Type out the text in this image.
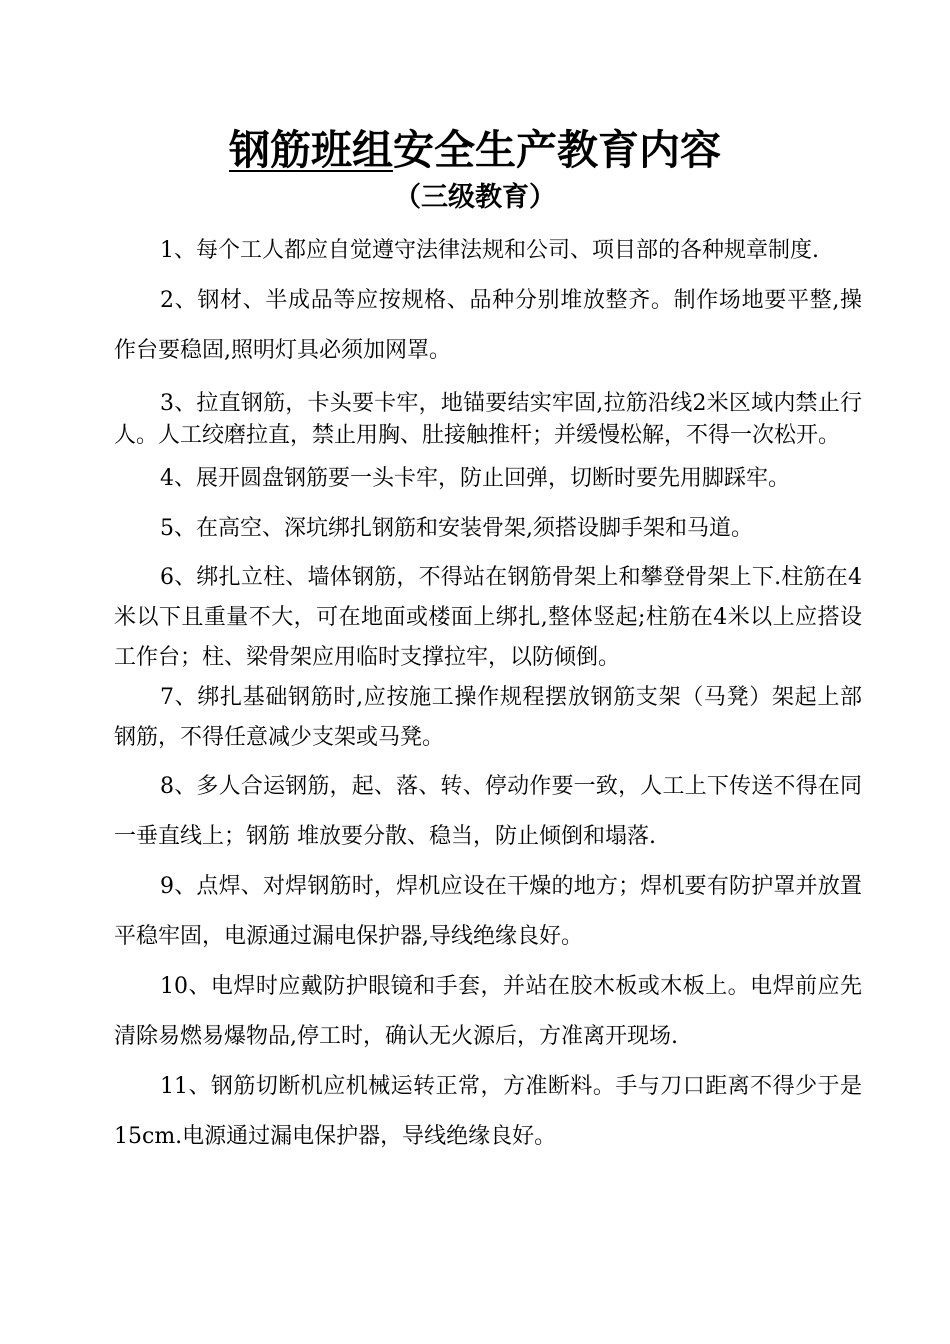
钢筋班组安全生产教育内容
（三级教育）

1、每个工人都应自觉遵守法律法规和公司、项目部的各种规章制度.

2、钢材、半成品等应按规格、品种分别堆放整齐。制作场地要平整,操作台要稳固,照明灯具必须加网罩。

3、拉直钢筋，卡头要卡牢，地锚要结实牢固,拉筋沿线2米区域内禁止行人。人工绞磨拉直，禁止用胸、肚接触推杆；并缓慢松解，不得一次松开。

4、展开圆盘钢筋要一头卡牢，防止回弹，切断时要先用脚踩牢。

5、在高空、深坑绑扎钢筋和安装骨架,须搭设脚手架和马道。

6、绑扎立柱、墙体钢筋，不得站在钢筋骨架上和攀登骨架上下.柱筋在4米以下且重量不大，可在地面或楼面上绑扎,整体竖起;柱筋在4米以上应搭设工作台；柱、梁骨架应用临时支撑拉牢，以防倾倒。

7、绑扎基础钢筋时,应按施工操作规程摆放钢筋支架（马凳）架起上部钢筋，不得任意减少支架或马凳。

8、多人合运钢筋，起、落、转、停动作要一致，人工上下传送不得在同一垂直线上；钢筋 堆放要分散、稳当，防止倾倒和塌落.

9、点焊、对焊钢筋时，焊机应设在干燥的地方；焊机要有防护罩并放置平稳牢固，电源通过漏电保护器,导线绝缘良好。

10、电焊时应戴防护眼镜和手套，并站在胶木板或木板上。电焊前应先清除易燃易爆物品,停工时，确认无火源后，方准离开现场.

11、钢筋切断机应机械运转正常，方准断料。手与刀口距离不得少于是15cm.电源通过漏电保护器，导线绝缘良好。
